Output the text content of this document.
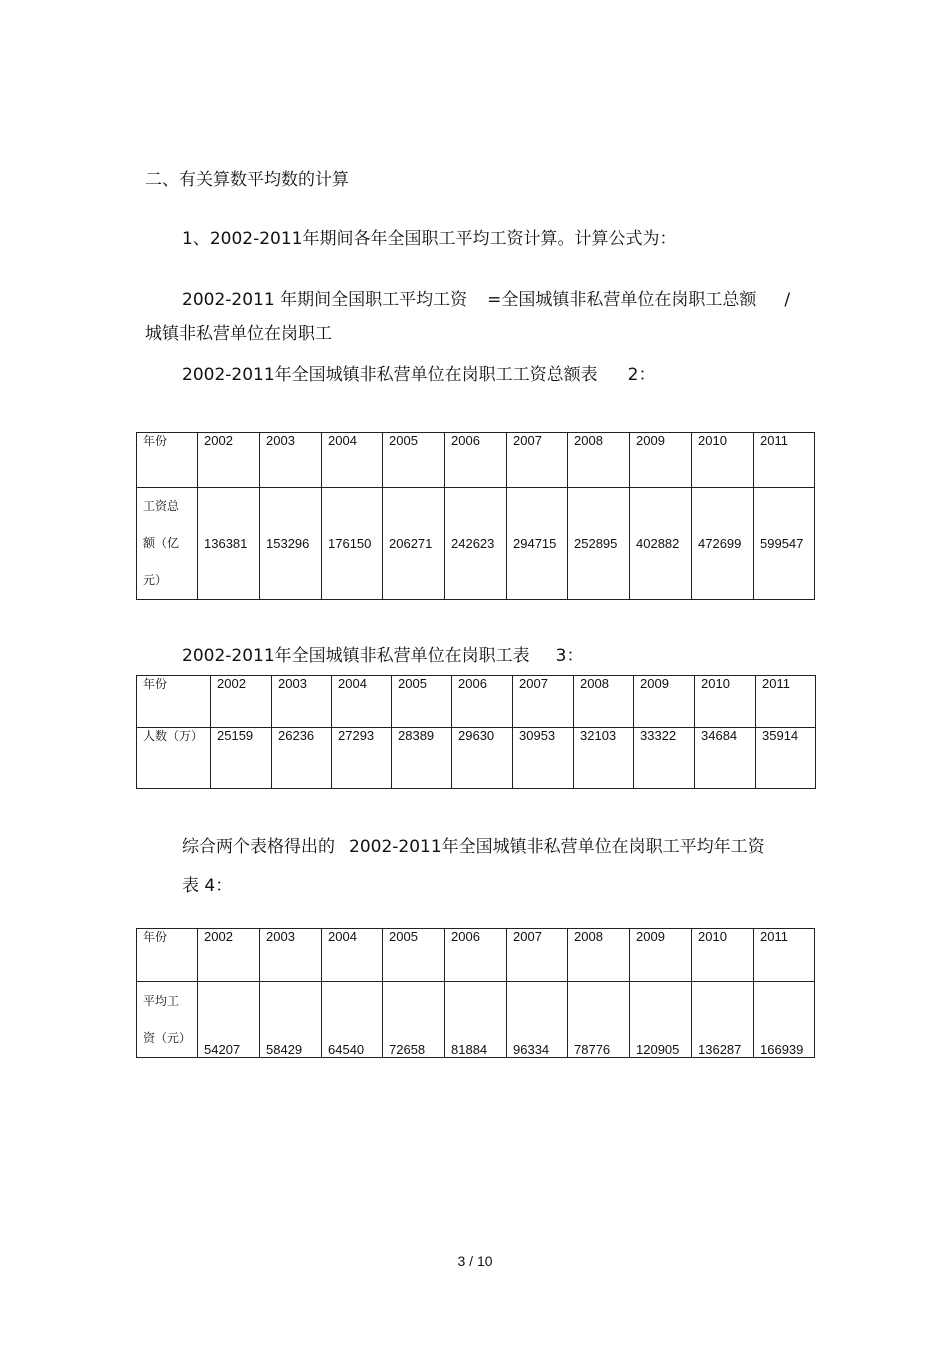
二、有关算数平均数的计算
1、2002-2011年期间各年全国职工平均工资计算。计算公式为：
2002-2011 年期间全国职工平均工资 =全国城镇非私营单位在岗职工总额 /
城镇非私营单位在岗职工
2002-2011年全国城镇非私营单位在岗职工工资总额表 2：
年份	2002	2003	2004	2005	2006	2007	2008	2009	2010	2011

工资总
额（亿
元）	136381	153296	176150	206271	242623	294715	252895	402882	472699	599547
2002-2011年全国城镇非私营单位在岗职工表 3：
年份	2002	2003	2004	2005	2006	2007	2008	2009	2010	2011
人数（万）	25159	26236	27293	28389	29630	30953	32103	33322	34684	35914
综合两个表格得出的 2002-2011年全国城镇非私营单位在岗职工平均年工资
表 4：
年份	2002	2003	2004	2005	2006	2007	2008	2009	2010	2011

平均工
资（元）	54207	58429	64540	72658	81884	96334	78776	120905	136287	166939
3 / 10
